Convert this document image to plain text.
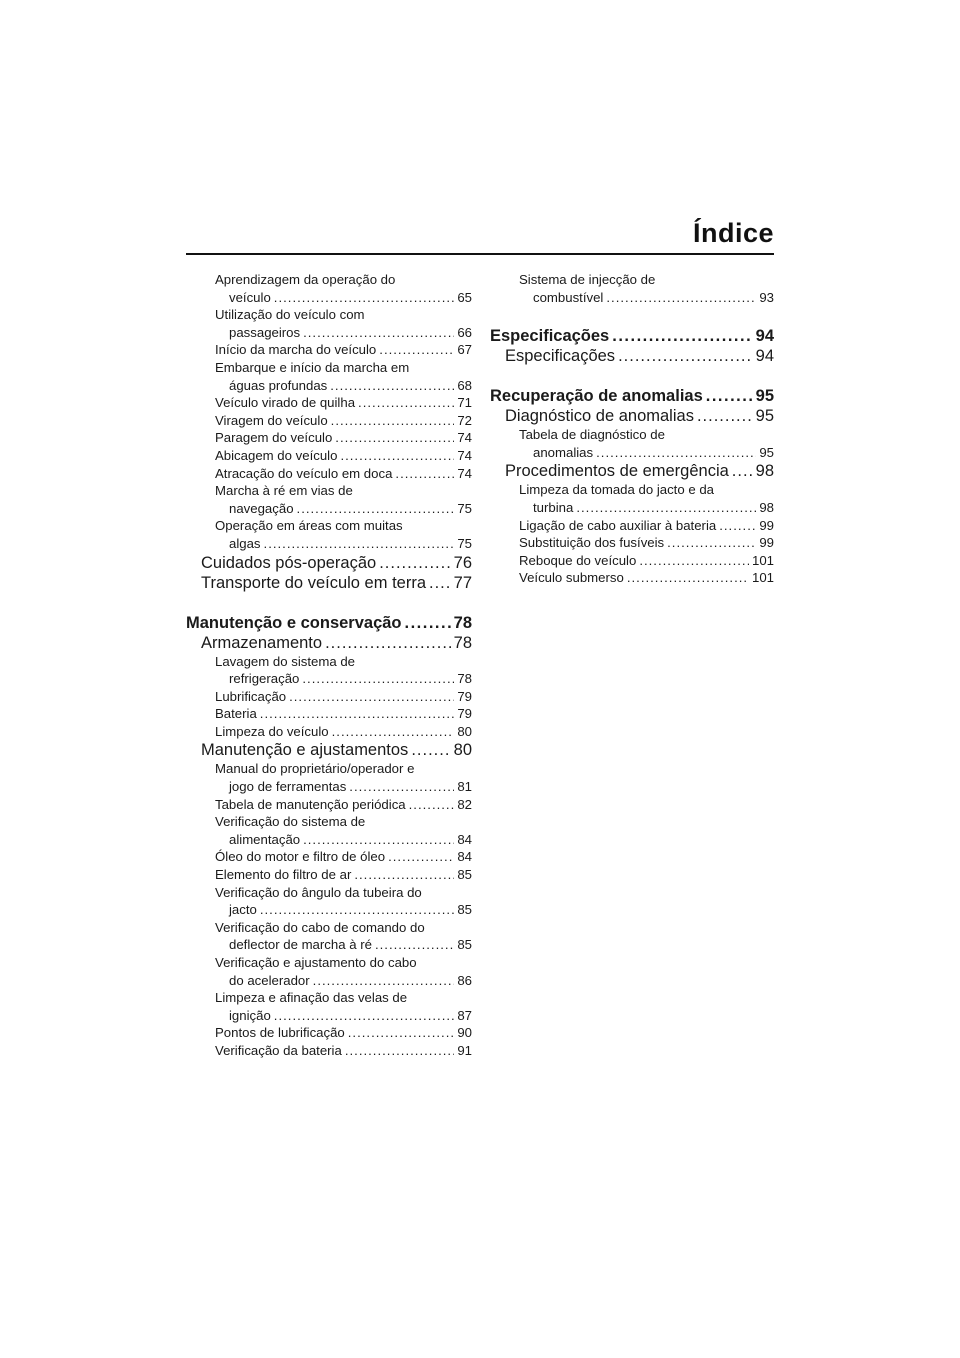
Índice
Aprendizagem da operação do
veículo .....	65
Utilização do veículo com
passageiros .....	66
Início da marcha do veículo .....	67
Embarque e início da marcha em
águas profundas .....	68
Veículo virado de quilha .....	71
Viragem do veículo .....	72
Paragem do veículo .....	74
Abicagem do veículo .....	74
Atracação do veículo em doca .....	74
Marcha à ré em vias de
navegação .....	75
Operação em áreas com muitas
algas .....	75
Cuidados pós-operação .....	76
Transporte do veículo em terra ..... 77
Manutenção e conservação .....	78
Armazenamento .....	78
Lavagem do sistema de
refrigeração .....	78
Lubrificação .....	79
Bateria .....	79
Limpeza do veículo .....	80
Manutenção e ajustamentos .....	80
Manual do proprietário/operador e
jogo de ferramentas .....	81
Tabela de manutenção periódica .....	82
Verificação do sistema de
alimentação .....	84
Óleo do motor e filtro de óleo .....	84
Elemento do filtro de ar .....	85
Verificação do ângulo da tubeira do
jacto .....	85
Verificação do cabo de comando do
deflector de marcha à ré .....	85
Verificação e ajustamento do cabo
do acelerador .....	86
Limpeza e afinação das velas de
ignição .....	87
Pontos de lubrificação .....	90
Verificação da bateria .....	91
Sistema de injecção de
combustível .....	93
Especificações .....	94
Especificações .....	94
Recuperação de anomalias .....	95
Diagnóstico de anomalias .....	95
Tabela de diagnóstico de
anomalias .....	95
Procedimentos de emergência ..... 98
Limpeza da tomada do jacto e da
turbina .....	98
Ligação de cabo auxiliar à bateria .....	99
Substituição dos fusíveis .....	99
Reboque do veículo .....	101
Veículo submerso .....	101
